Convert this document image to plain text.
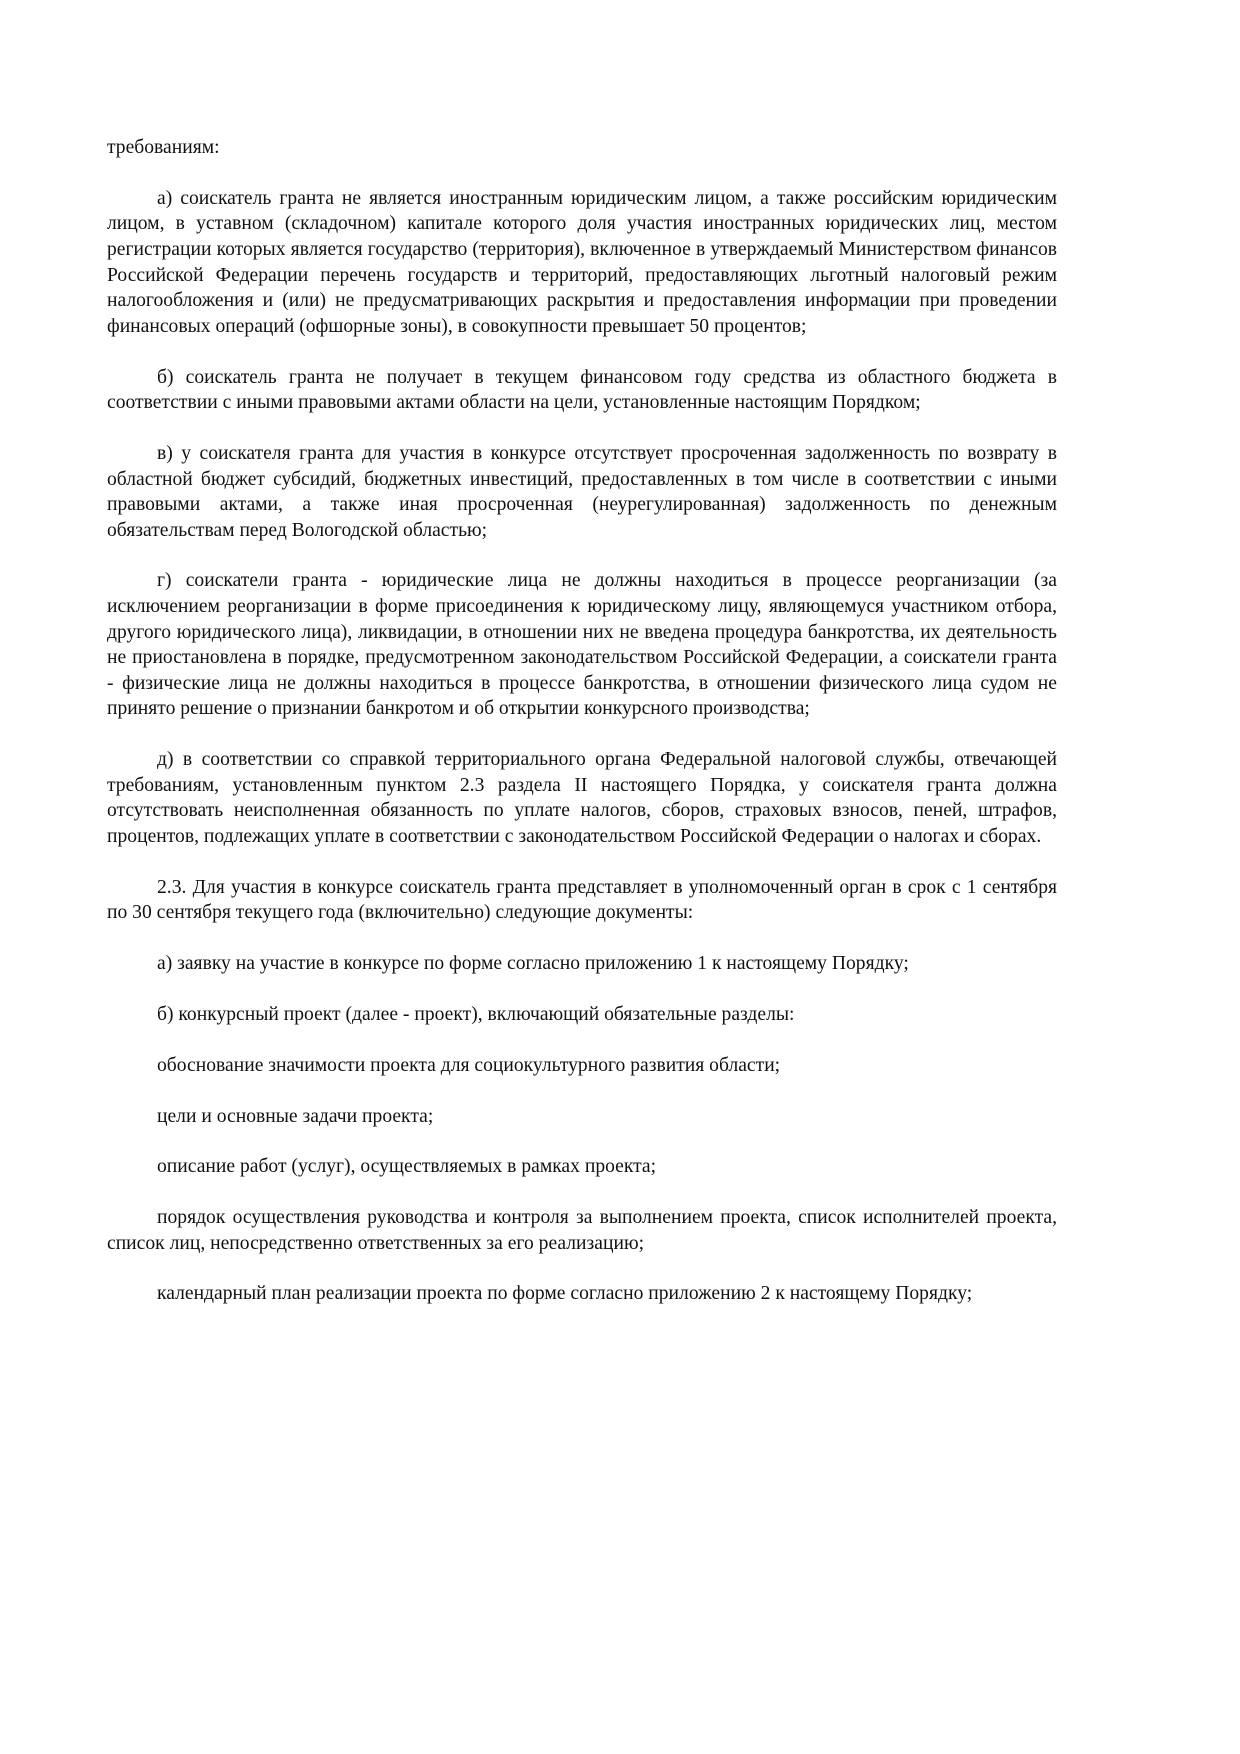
требованиям:

а) соискатель гранта не является иностранным юридическим лицом, а также российским юридическим лицом, в уставном (складочном) капитале которого доля участия иностранных юридических лиц, местом регистрации которых является государство (территория), включенное в утверждаемый Министерством финансов Российской Федерации перечень государств и территорий, предоставляющих льготный налоговый режим налогообложения и (или) не предусматривающих раскрытия и предоставления информации при проведении финансовых операций (офшорные зоны), в совокупности превышает 50 процентов;

б) соискатель гранта не получает в текущем финансовом году средства из областного бюджета в соответствии с иными правовыми актами области на цели, установленные настоящим Порядком;

в) у соискателя гранта для участия в конкурсе отсутствует просроченная задолженность по возврату в областной бюджет субсидий, бюджетных инвестиций, предоставленных в том числе в соответствии с иными правовыми актами, а также иная просроченная (неурегулированная) задолженность по денежным обязательствам перед Вологодской областью;

г) соискатели гранта - юридические лица не должны находиться в процессе реорганизации (за исключением реорганизации в форме присоединения к юридическому лицу, являющемуся участником отбора, другого юридического лица), ликвидации, в отношении них не введена процедура банкротства, их деятельность не приостановлена в порядке, предусмотренном законодательством Российской Федерации, а соискатели гранта - физические лица не должны находиться в процессе банкротства, в отношении физического лица судом не принято решение о признании банкротом и об открытии конкурсного производства;

д) в соответствии со справкой территориального органа Федеральной налоговой службы, отвечающей требованиям, установленным пунктом 2.3 раздела II настоящего Порядка, у соискателя гранта должна отсутствовать неисполненная обязанность по уплате налогов, сборов, страховых взносов, пеней, штрафов, процентов, подлежащих уплате в соответствии с законодательством Российской Федерации о налогах и сборах.

2.3. Для участия в конкурсе соискатель гранта представляет в уполномоченный орган в срок с 1 сентября по 30 сентября текущего года (включительно) следующие документы:

а) заявку на участие в конкурсе по форме согласно приложению 1 к настоящему Порядку;

б) конкурсный проект (далее - проект), включающий обязательные разделы:

обоснование значимости проекта для социокультурного развития области;

цели и основные задачи проекта;

описание работ (услуг), осуществляемых в рамках проекта;

порядок осуществления руководства и контроля за выполнением проекта, список исполнителей проекта, список лиц, непосредственно ответственных за его реализацию;

календарный план реализации проекта по форме согласно приложению 2 к настоящему Порядку;
